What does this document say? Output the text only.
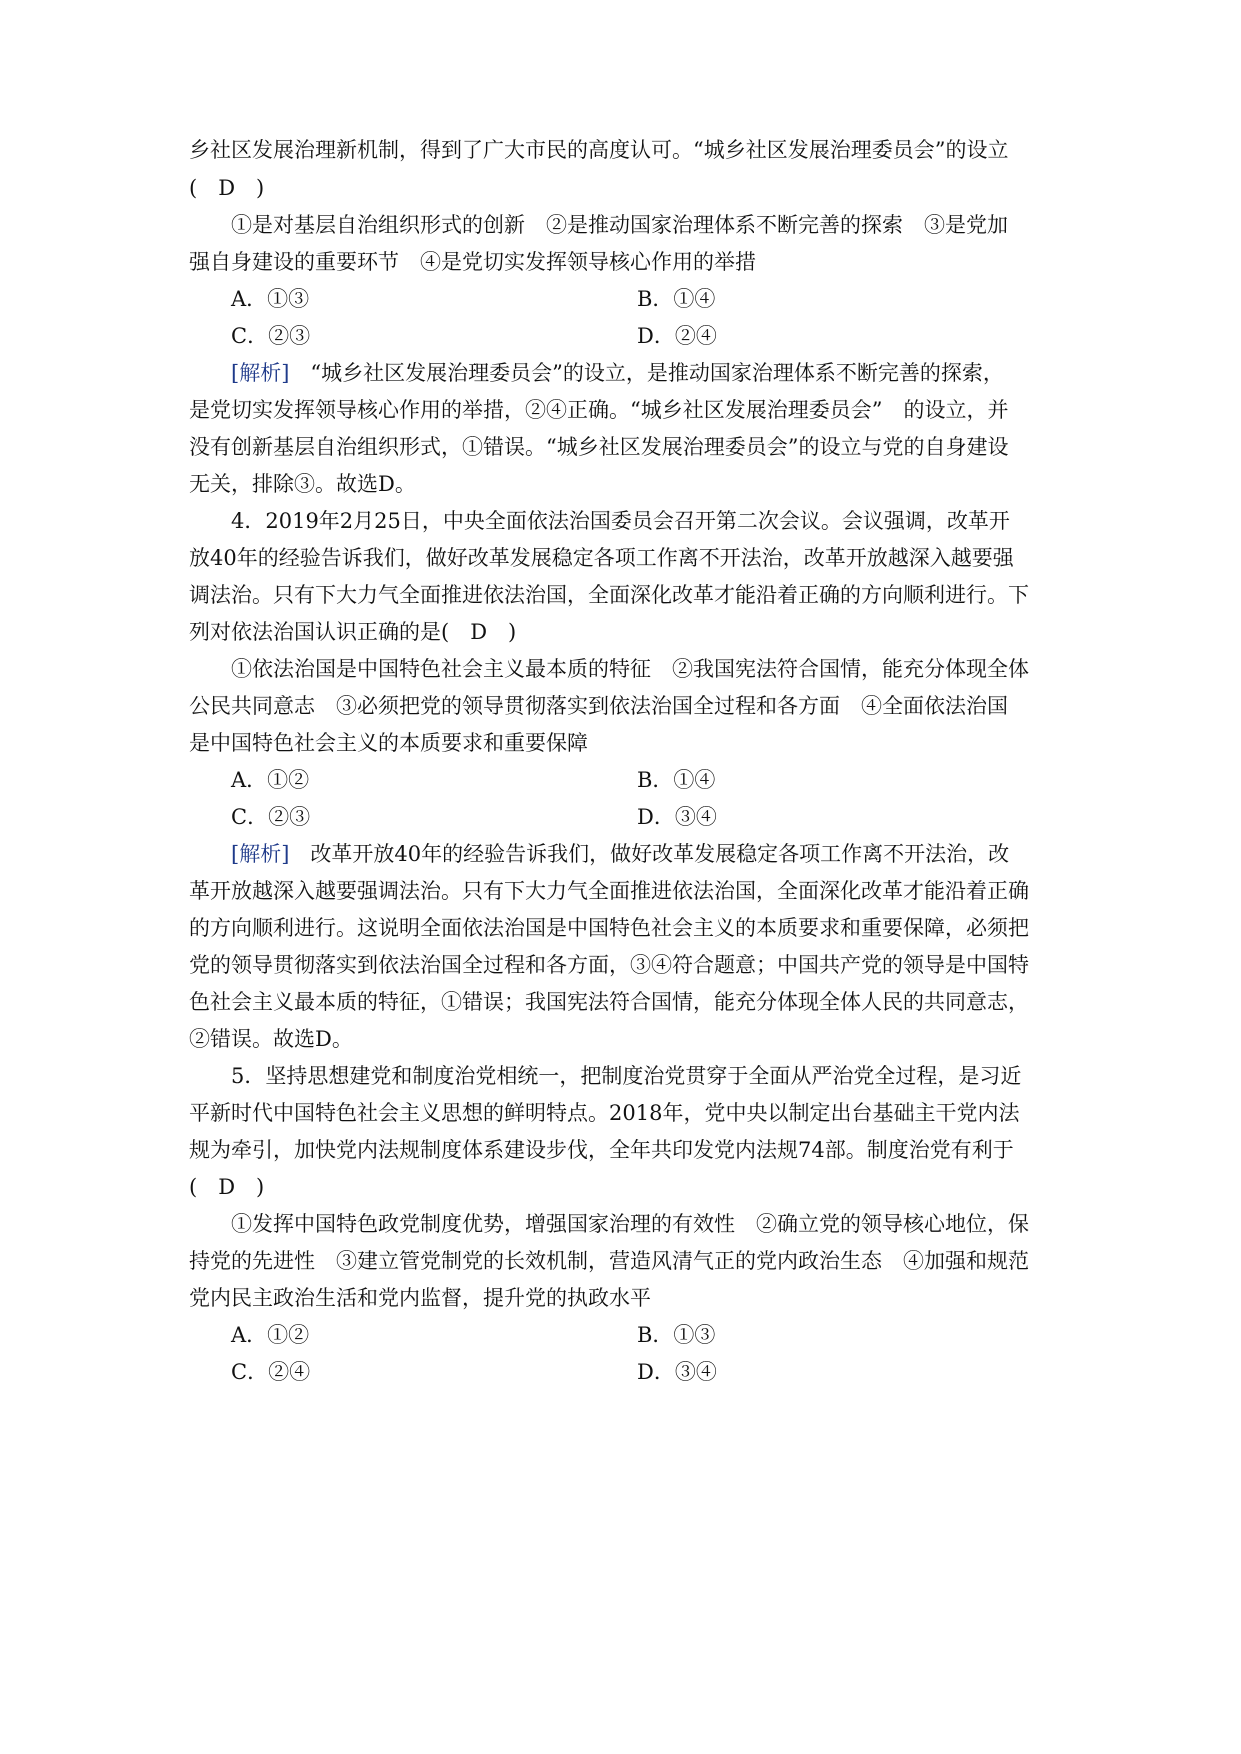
乡社区发展治理新机制，得到了广大市民的高度认可。“城乡社区发展治理委员会”的设立
(　D　)
①是对基层自治组织形式的创新　②是推动国家治理体系不断完善的探索　③是党加
强自身建设的重要环节　④是党切实发挥领导核心作用的举措
A．①③	B．①④
C．②③	D．②④
[解析]　“城乡社区发展治理委员会”的设立，是推动国家治理体系不断完善的探索，
是党切实发挥领导核心作用的举措，②④正确。“城乡社区发展治理委员会”　的设立，并
没有创新基层自治组织形式，①错误。“城乡社区发展治理委员会”的设立与党的自身建设
无关，排除③。故选D。
4．2019年2月25日，中央全面依法治国委员会召开第二次会议。会议强调，改革开
放40年的经验告诉我们，做好改革发展稳定各项工作离不开法治，改革开放越深入越要强
调法治。只有下大力气全面推进依法治国，全面深化改革才能沿着正确的方向顺利进行。下
列对依法治国认识正确的是(　D　)
①依法治国是中国特色社会主义最本质的特征　②我国宪法符合国情，能充分体现全体
公民共同意志　③必须把党的领导贯彻落实到依法治国全过程和各方面　④全面依法治国
是中国特色社会主义的本质要求和重要保障
A．①②	B．①④
C．②③	D．③④
[解析]　改革开放40年的经验告诉我们，做好改革发展稳定各项工作离不开法治，改
革开放越深入越要强调法治。只有下大力气全面推进依法治国，全面深化改革才能沿着正确
的方向顺利进行。这说明全面依法治国是中国特色社会主义的本质要求和重要保障，必须把
党的领导贯彻落实到依法治国全过程和各方面，③④符合题意；中国共产党的领导是中国特
色社会主义最本质的特征，①错误；我国宪法符合国情，能充分体现全体人民的共同意志，
②错误。故选D。
5．坚持思想建党和制度治党相统一，把制度治党贯穿于全面从严治党全过程，是习近
平新时代中国特色社会主义思想的鲜明特点。2018年，党中央以制定出台基础主干党内法
规为牵引，加快党内法规制度体系建设步伐，全年共印发党内法规74部。制度治党有利于
(　D　)
①发挥中国特色政党制度优势，增强国家治理的有效性　②确立党的领导核心地位，保
持党的先进性　③建立管党制党的长效机制，营造风清气正的党内政治生态　④加强和规范
党内民主政治生活和党内监督，提升党的执政水平
A．①②	B．①③
C．②④	D．③④
